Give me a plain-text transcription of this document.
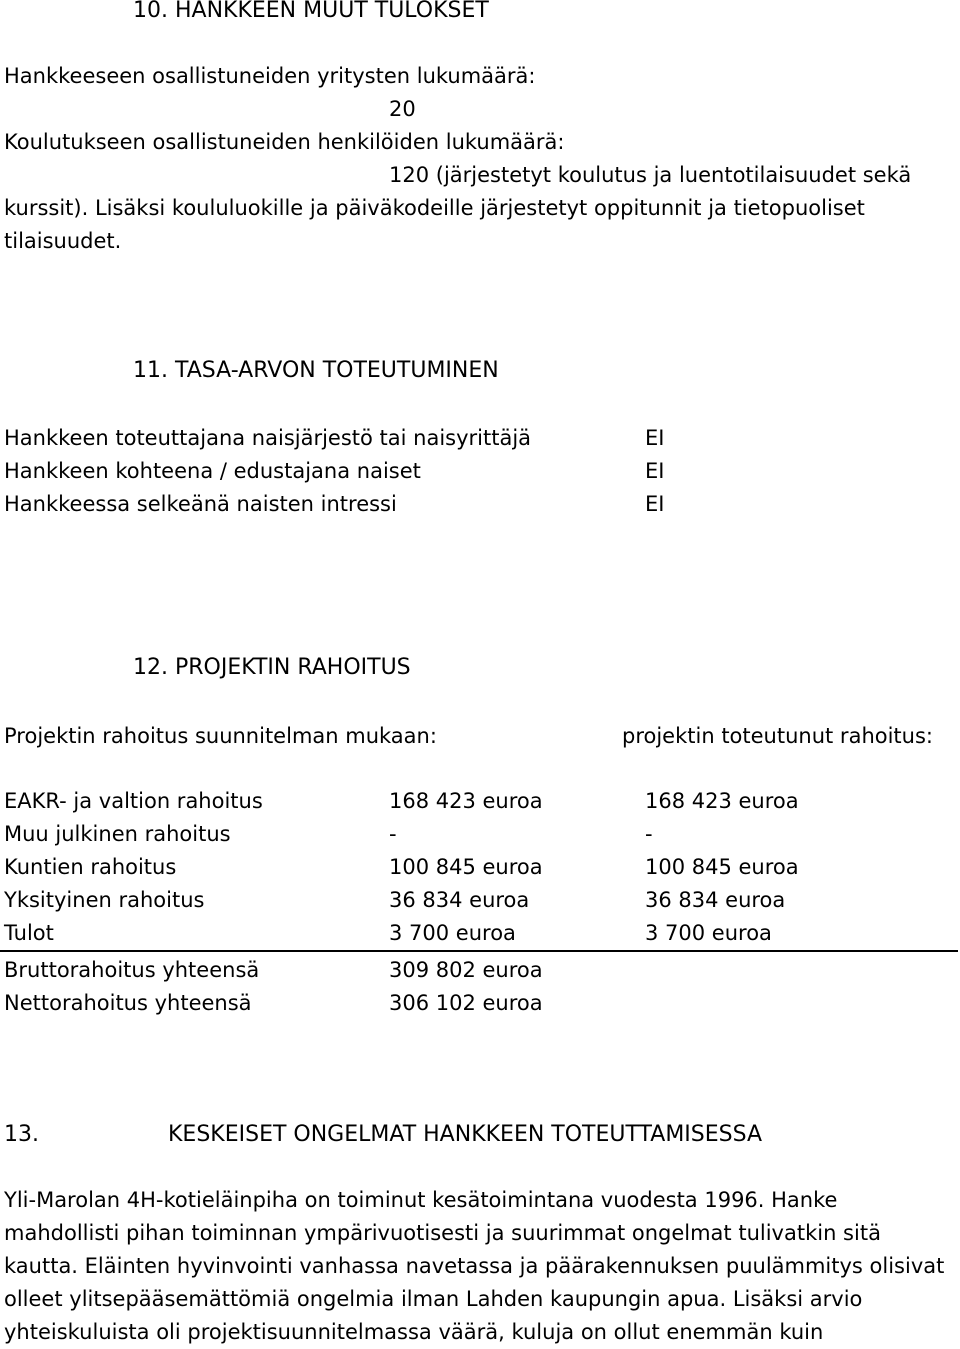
10. HANKKEEN MUUT TULOKSET
Hankkeeseen osallistuneiden yritysten lukumäärä:
20
Koulutukseen osallistuneiden henkilöiden lukumäärä:
120 (järjestetyt koulutus ja luentotilaisuudet sekä
kurssit). Lisäksi koululuokille ja päiväkodeille järjestetyt oppitunnit ja tietopuoliset
tilaisuudet.
11. TASA-ARVON TOTEUTUMINEN
Hankkeen toteuttajana naisjärjestö tai naisyrittäjä	EI
Hankkeen kohteena / edustajana naiset	EI
Hankkeessa selkeänä naisten intressi	EI
12. PROJEKTIN RAHOITUS
Projektin rahoitus suunnitelman mukaan:	projektin toteutunut rahoitus:
EAKR- ja valtion rahoitus	168 423 euroa	168 423 euroa
Muu julkinen rahoitus	-	-
Kuntien rahoitus	100 845 euroa	100 845 euroa
Yksityinen rahoitus	36 834 euroa	36 834 euroa
Tulot	3 700 euroa	3 700 euroa
Bruttorahoitus yhteensä	309 802 euroa
Nettorahoitus yhteensä	306 102 euroa
13.	KESKEISET ONGELMAT HANKKEEN TOTEUTTAMISESSA
Yli-Marolan 4H-kotieläinpiha on toiminut kesätoimintana vuodesta 1996. Hanke
mahdollisti pihan toiminnan ympärivuotisesti ja suurimmat ongelmat tulivatkin sitä
kautta. Eläinten hyvinvointi vanhassa navetassa ja päärakennuksen puulämmitys olisivat
olleet ylitsepääsemättömiä ongelmia ilman Lahden kaupungin apua. Lisäksi arvio
yhteiskuluista oli projektisuunnitelmassa väärä, kuluja on ollut enemmän kuin
